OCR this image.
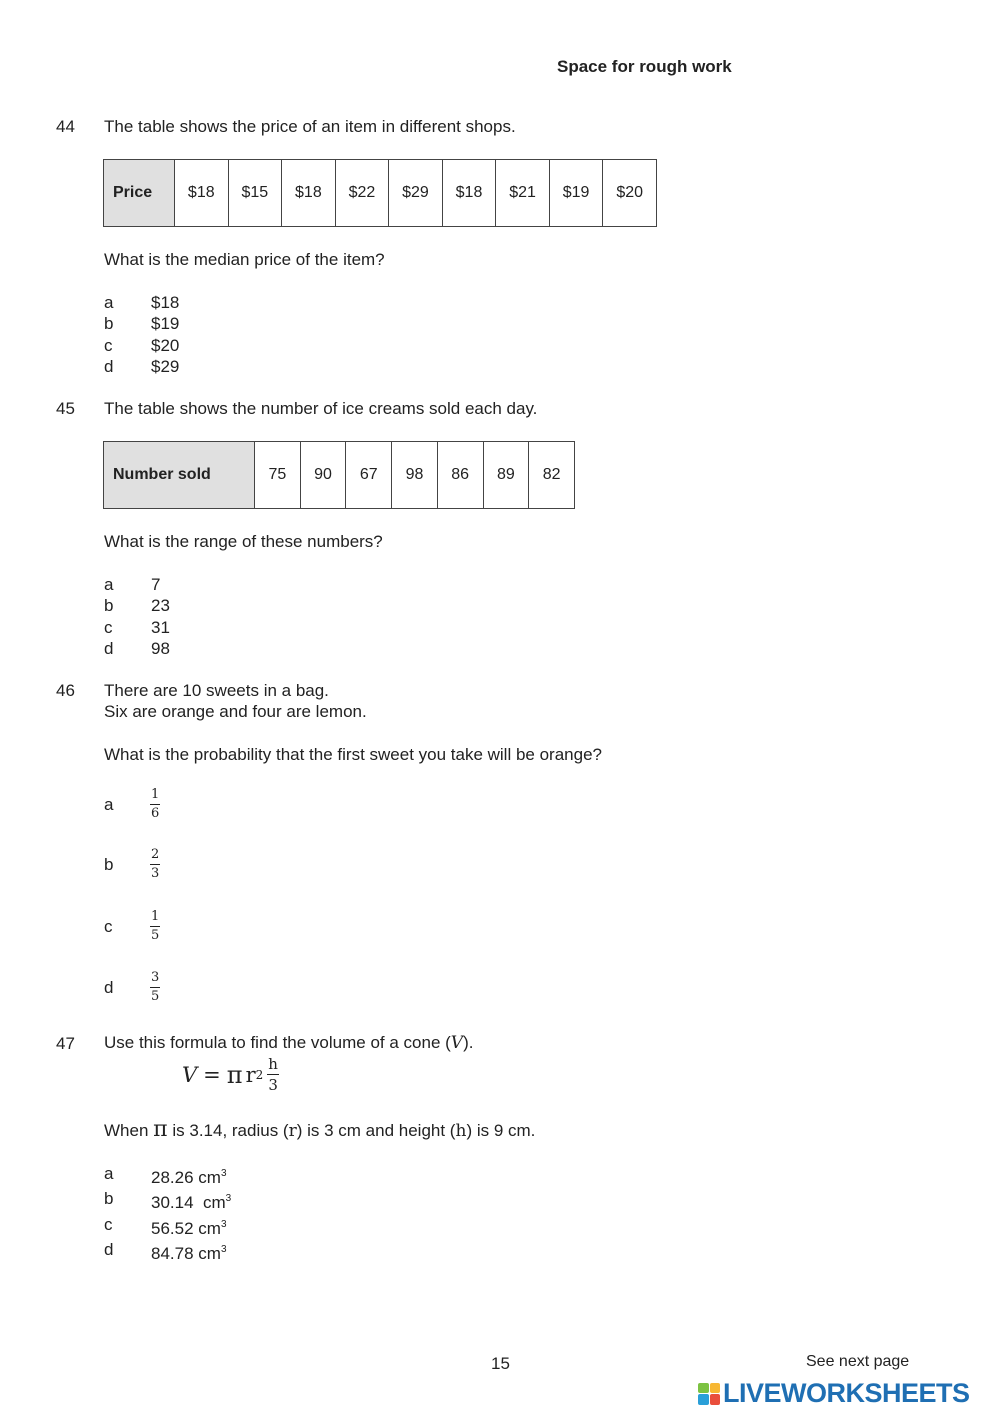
Space for rough work
44 The table shows the price of an item in different shops.
Price	$18	$15	$18	$22	$29	$18	$21	$19	$20
What is the median price of the item?
a	$18
b	$19
c	$20
d	$29
45 The table shows the number of ice creams sold each day.
Number sold	75	90	67	98	86	89	82
What is the range of these numbers?
a	7
b	23
c	31
d	98
46 There are 10 sweets in a bag.
Six are orange and four are lemon.
What is the probability that the first sweet you take will be orange?
a	$\frac{1}{6}$
b	$\frac{2}{3}$
c	$\frac{1}{5}$
d	$\frac{3}{5}$
47 Use this formula to find the volume of a cone (V).
V = π r $2 \frac{h}{3}$
When π is 3.14, radius (r) is 3 cm and height (h) is 9 cm.
a	28.26 $cm^3$
b	30.14  $cm^3$
c	56.52 $cm^3$
d	84.78 $cm^3$
15	See next page
LIVEWORKSHEETS
